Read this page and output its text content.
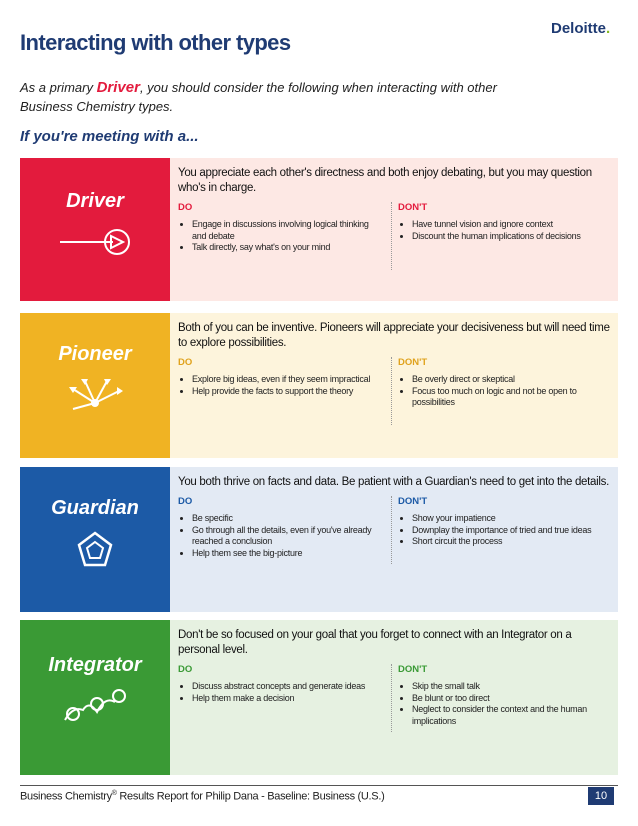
Deloitte.
Interacting with other types
As a primary Driver, you should consider the following when interacting with other Business Chemistry types.
If you're meeting with a...
Driver

You appreciate each other's directness and both enjoy debating, but you may question who's in charge.

DO

• Engage in discussions involving logical thinking and debate
• Talk directly, say what's on your mind

DON'T

• Have tunnel vision and ignore context
• Discount the human implications of decisions
Pioneer

Both of you can be inventive. Pioneers will appreciate your decisiveness but will need time to explore possibilities.

DO

• Explore big ideas, even if they seem impractical
• Help provide the facts to support the theory

DON'T

• Be overly direct or skeptical
• Focus too much on logic and not be open to possibilities
Guardian

You both thrive on facts and data. Be patient with a Guardian's need to get into the details.

DO

• Be specific
• Go through all the details, even if you've already reached a conclusion
• Help them see the big-picture

DON'T

• Show your impatience
• Downplay the importance of tried and true ideas
• Short circuit the process
Integrator

Don't be so focused on your goal that you forget to connect with an Integrator on a personal level.

DO

• Discuss abstract concepts and generate ideas
• Help them make a decision

DON'T

• Skip the small talk
• Be blunt or too direct
• Neglect to consider the context and the human implications
Business Chemistry® Results Report for Philip Dana - Baseline: Business (U.S.)	10
